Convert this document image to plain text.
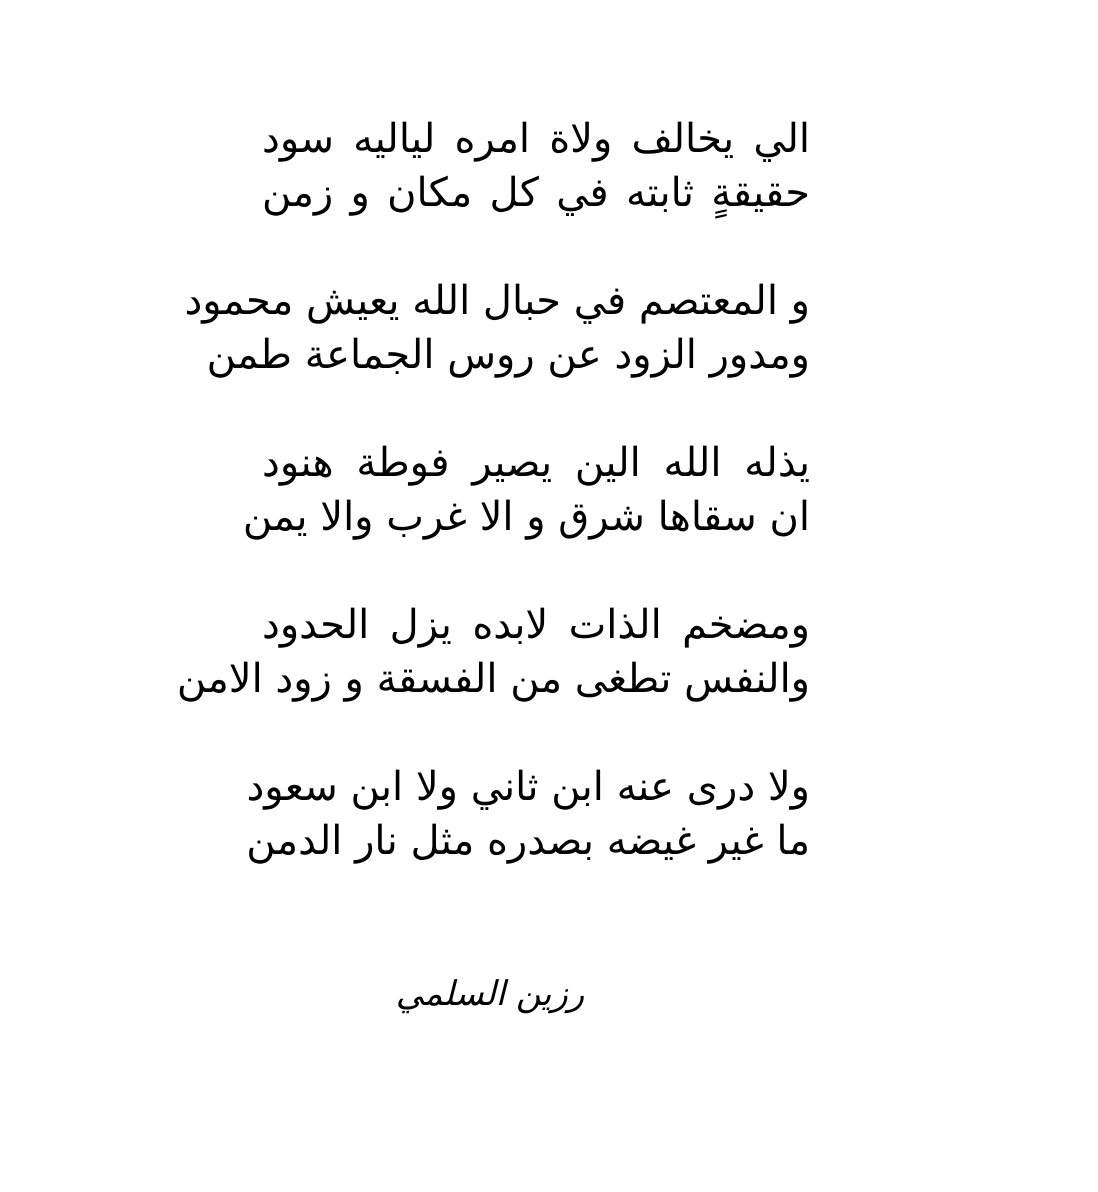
الي يخالف ولاة امره لياليه سود
حقيقةٍ ثابته في كل مكان و زمن
و المعتصم في حبال الله يعيش محمود
ومدور الزود عن روس الجماعة طمن
يذله الله الين يصير فوطة هنود
ان سقاها شرق و الا غرب والا يمن
ومضخم الذات لابده يزل الحدود
والنفس تطغى من الفسقة و زود الامن
ولا درى عنه ابن ثاني ولا ابن سعود
ما غير غيضه بصدره مثل نار الدمن
رزين السلمي
